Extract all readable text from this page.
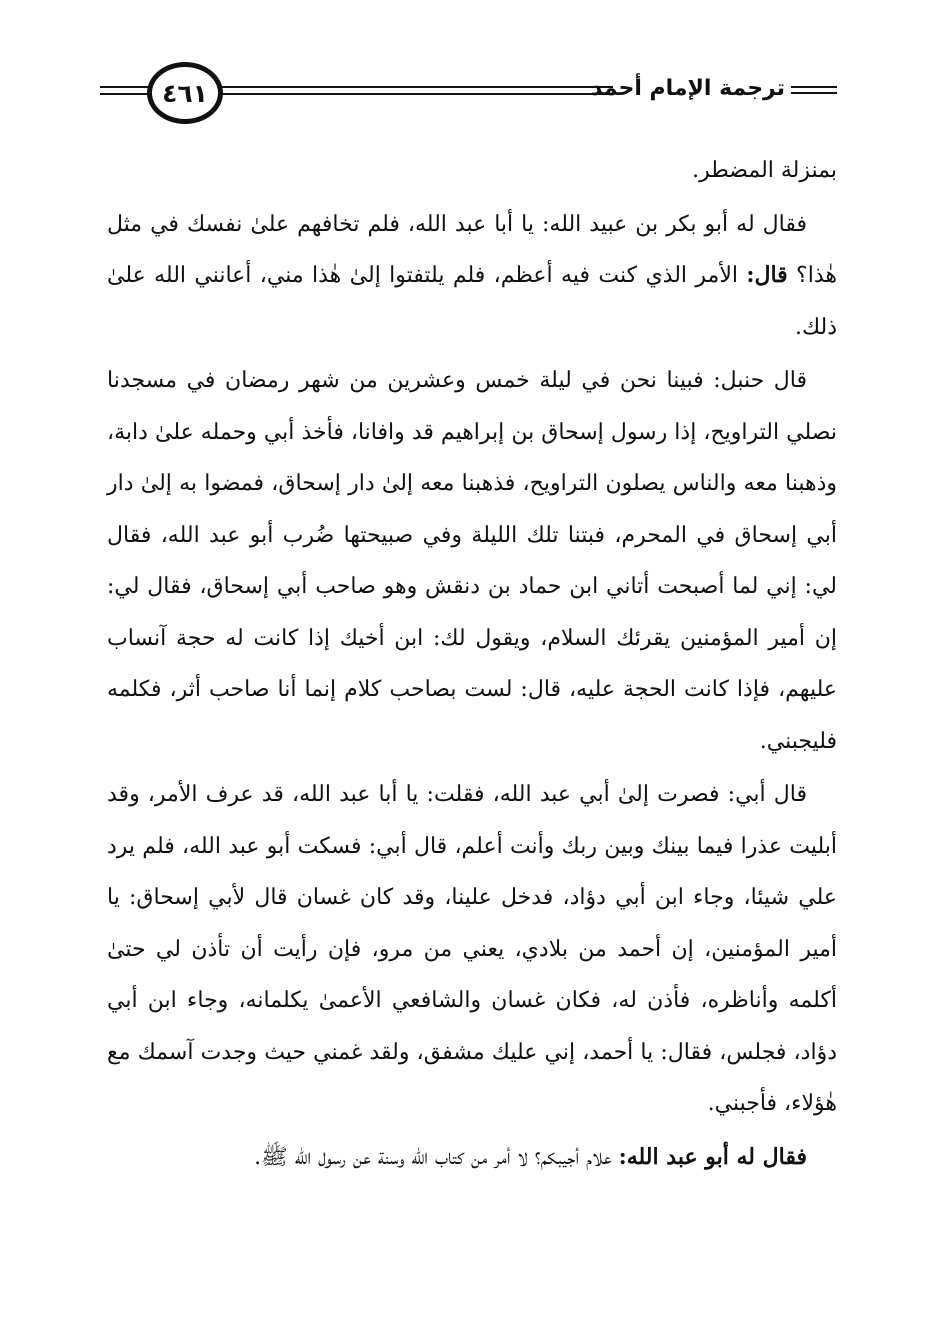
٤٦١	ترجمة الإمام أحمد

بمنزلة المضطر.

فقال له أبو بكر بن عبيد الله: يا أبا عبد الله، فلم تخافهم علىٰ نفسك في مثل هٰذا؟ قال: الأمر الذي كنت فيه أعظم، فلم يلتفتوا إلىٰ هٰذا مني، أعانني الله علىٰ ذلك.

قال حنبل: فبينا نحن في ليلة خمس وعشرين من شهر رمضان في مسجدنا نصلي التراويح، إذا رسول إسحاق بن إبراهيم قد وافانا، فأخذ أبي وحمله علىٰ دابة، وذهبنا معه والناس يصلون التراويح، فذهبنا معه إلىٰ دار إسحاق، فمضوا به إلىٰ دار أبي إسحاق في المحرم، فبتنا تلك الليلة وفي صبيحتها ضُرب أبو عبد الله، فقال لي: إني لما أصبحت أتاني ابن حماد بن دنقش وهو صاحب أبي إسحاق، فقال لي: إن أمير المؤمنين يقرئك السلام، ويقول لك: ابن أخيك إذا كانت له حجة آنساب عليهم، فإذا كانت الحجة عليه، قال: لست بصاحب كلام إنما أنا صاحب أثر، فكلمه فليجبني.

قال أبي: فصرت إلىٰ أبي عبد الله، فقلت: يا أبا عبد الله، قد عرف الأمر، وقد أبليت عذرا فيما بينك وبين ربك وأنت أعلم، قال أبي: فسكت أبو عبد الله، فلم يرد علي شيئا، وجاء ابن أبي دؤاد، فدخل علينا، وقد كان غسان قال لأبي إسحاق: يا أمير المؤمنين، إن أحمد من بلادي، يعني من مرو، فإن رأيت أن تأذن لي حتىٰ أكلمه وأناظره، فأذن له، فكان غسان والشافعي الأعمىٰ يكلمانه، وجاء ابن أبي دؤاد، فجلس، فقال: يا أحمد، إني عليك مشفق، ولقد غمني حيث وجدت آسمك مع هٰؤلاء، فأجبني.

فقال له أبو عبد الله: علام أجيبكم؟ لا أمر من كتاب الله وسنة عن رسول الله ﷺ.
